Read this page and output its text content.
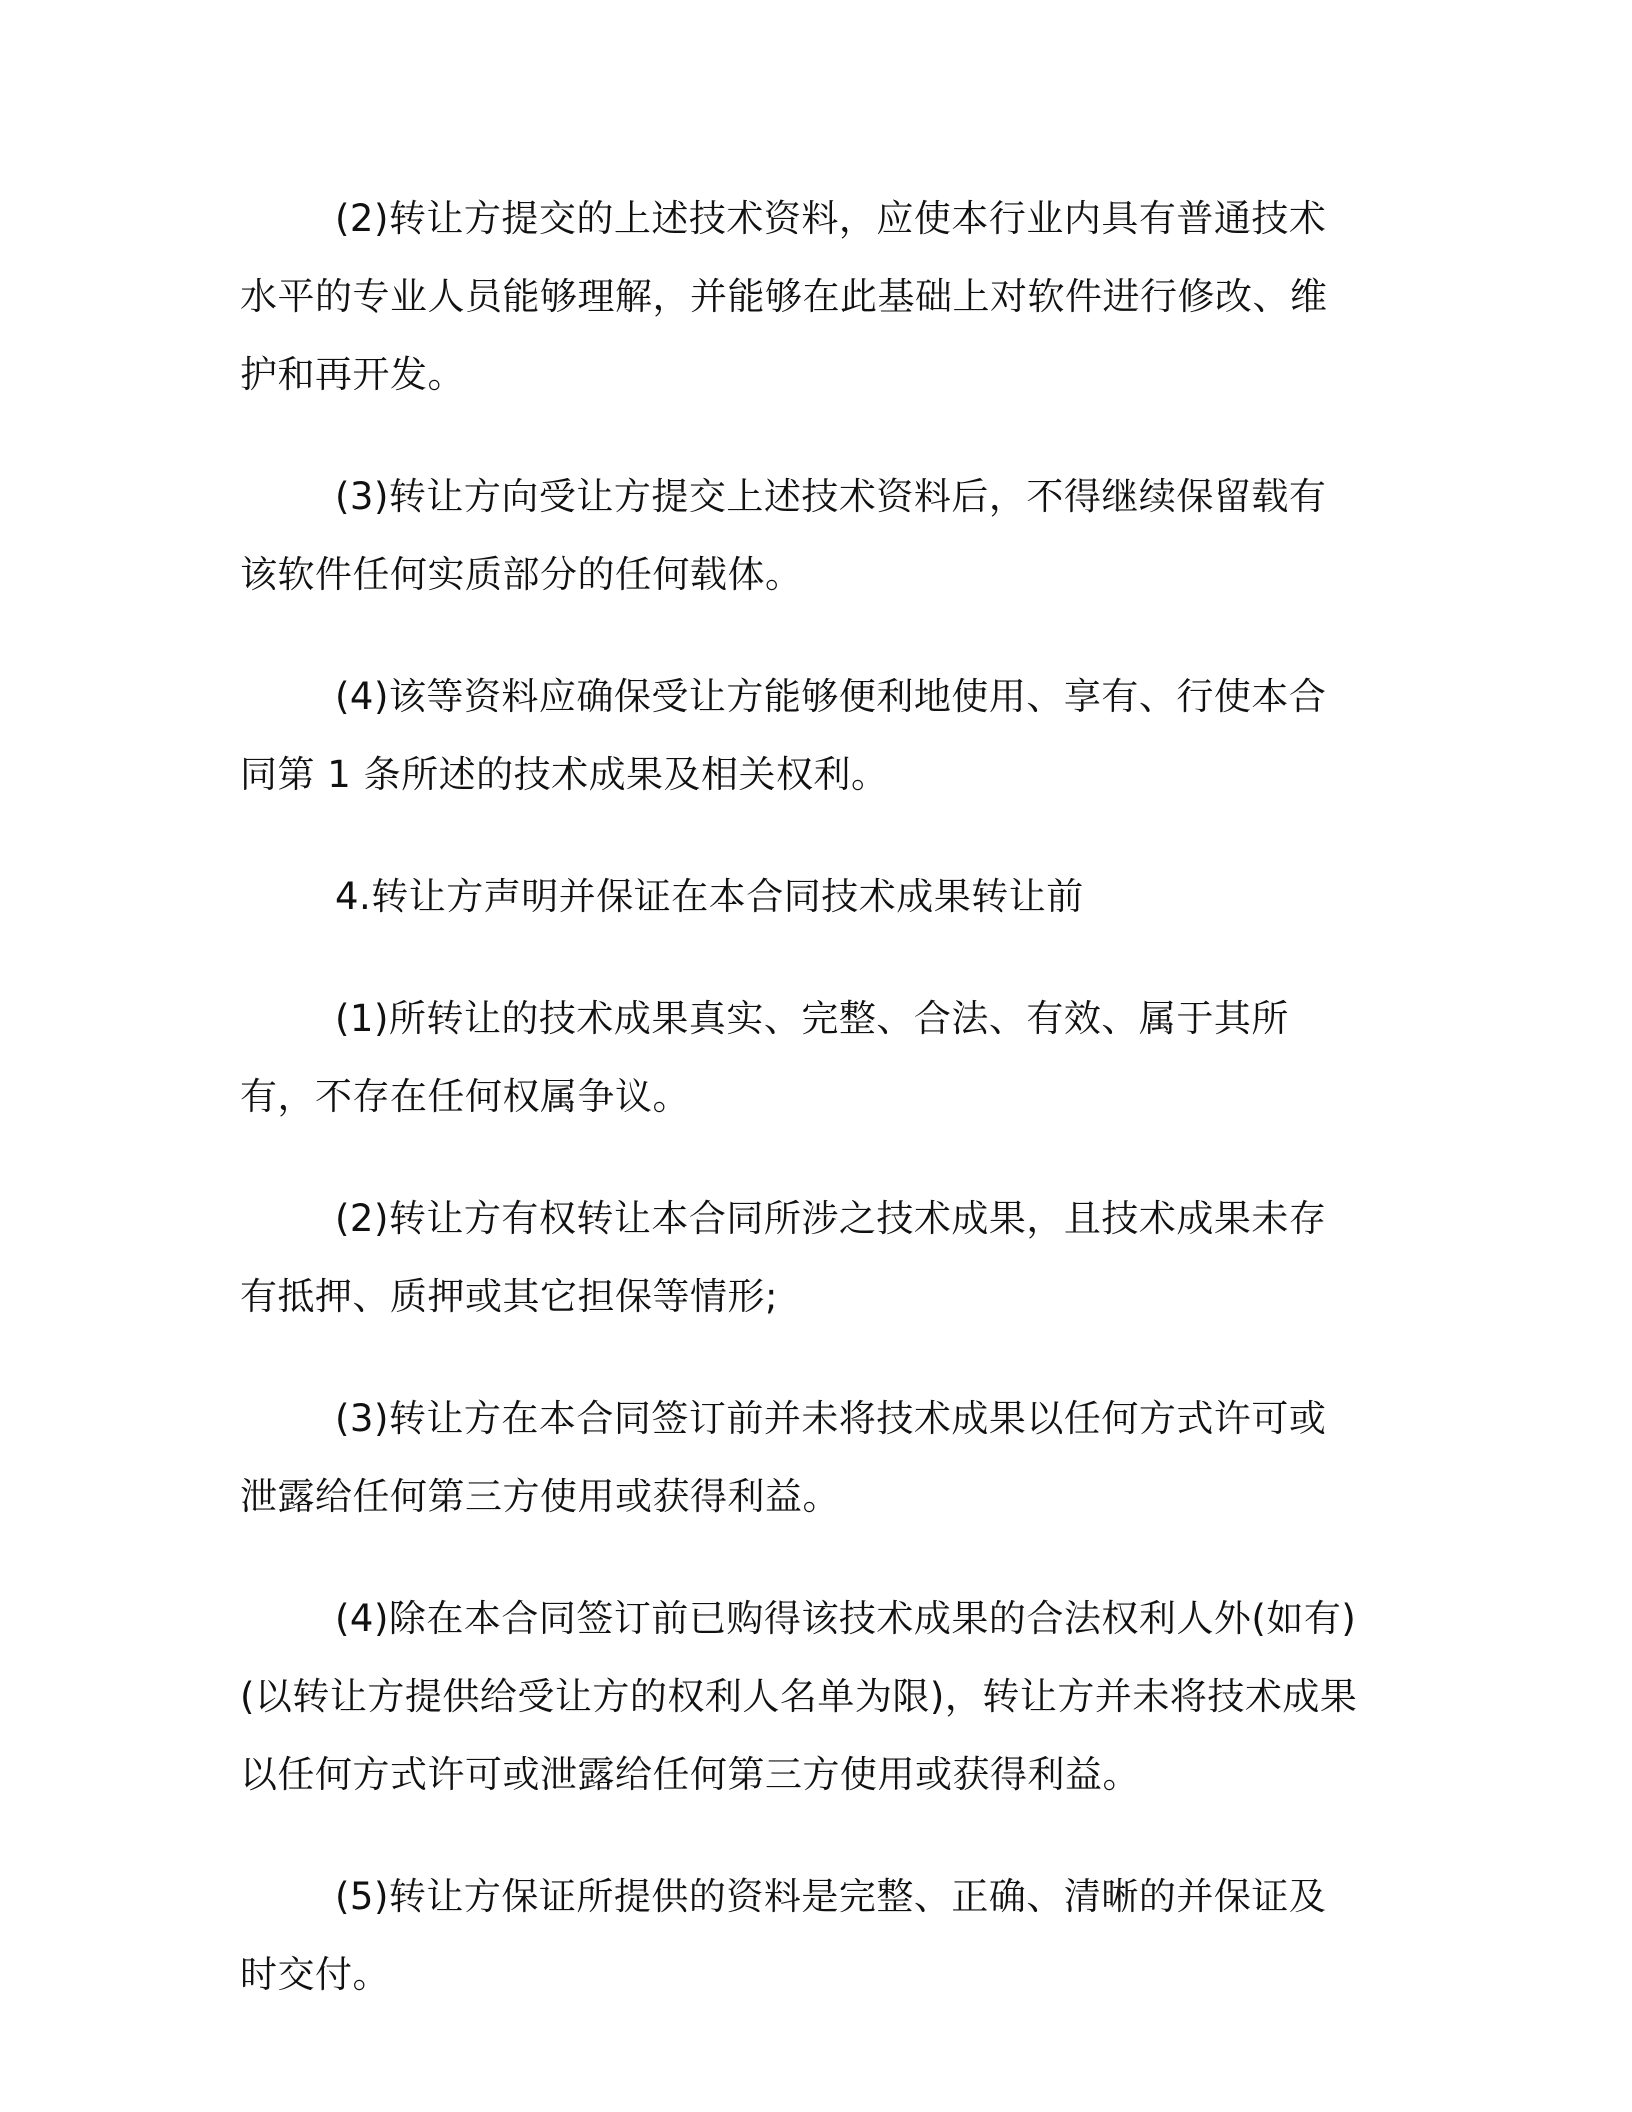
(2)转让方提交的上述技术资料，应使本行业内具有普通技术水平的专业人员能够理解，并能够在此基础上对软件进行修改、维护和再开发。

(3)转让方向受让方提交上述技术资料后，不得继续保留载有该软件任何实质部分的任何载体。

(4)该等资料应确保受让方能够便利地使用、享有、行使本合同第 1 条所述的技术成果及相关权利。

4.转让方声明并保证在本合同技术成果转让前

(1)所转让的技术成果真实、完整、合法、有效、属于其所有，不存在任何权属争议。

(2)转让方有权转让本合同所涉之技术成果，且技术成果未存有抵押、质押或其它担保等情形;

(3)转让方在本合同签订前并未将技术成果以任何方式许可或泄露给任何第三方使用或获得利益。

(4)除在本合同签订前已购得该技术成果的合法权利人外(如有)(以转让方提供给受让方的权利人名单为限)，转让方并未将技术成果以任何方式许可或泄露给任何第三方使用或获得利益。

(5)转让方保证所提供的资料是完整、正确、清晰的并保证及时交付。
